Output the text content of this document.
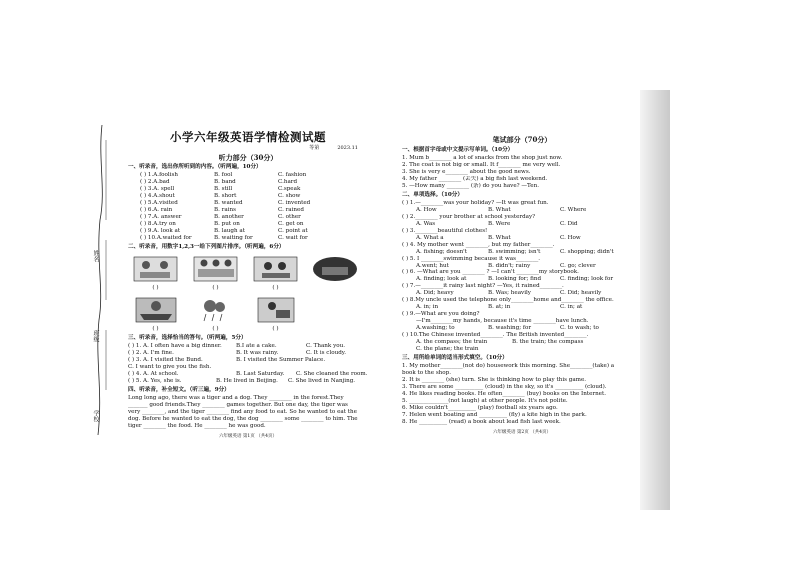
姓名
班级
学校
小学六年级英语学情检测试题
等第	2023.11
听力部分（30分）
一、听录音，选出你所听到的内容。（听两遍，10分）
( ) 1.A.foolish	B. fool	C. fashion
( ) 2.A.bad	B. band	C.hard
( ) 3.A. spell	B. still	C.speak
( ) 4.A.shout	B. short	C. show
( ) 5.A.visited	B. wanted	C. invented
( ) 6.A. rain	B. rains	C. rained
( ) 7.A. answer	B. another	C. other
( ) 8.A.try on	B. put on	C. get on
( ) 9.A. look at	B. laugh at	C. point at
( ) 10.A.waited for	B. waiting for	C. wait for
二、听录音，用数字1,2,3一给下列图片排序。（听两遍，6分）
( )	( )	( )
( )	( )	( )
三、听录音，选择恰当的答句。（听两遍，5分）
( ) 1. A. I often have a big dinner.	B.I ate a cake.	C. Thank you.
( ) 2. A. I'm fine.	B. It was rainy.	C. It is cloudy.
( ) 3. A. I visited the Bund.	B. I visited the Summer Palace.
C. I want to give you the fish.
( ) 4. A. At school.	B. Last Saturday.	C. She cleaned the room.
( ) 5. A. Yes, she is.	B. He lived in Beijing.	C. She lived in Nanjing.
四、听录音，补全短文。（听三遍，9分）
Long long ago, there was a tiger and a dog. They ________ in the forest.They
_______ good friends.They ________ games together. But one day, the tiger was
very ________, and the tiger ________ find any food to eat. So he wanted to eat the
dog. Before he wanted to eat the dog, the dog ________ some ________ to him. The
tiger ________ the food. He ________ he was good.
六年级英语 第1页 （共4页）
笔试部分（70分）
一、根据首字母或中文提示写单词。（10分）
1. Mum b________ a lot of snacks from the shop just now.
2. The coat is not big or small. It f________ me very well.
3. She is very e________ about the good news.
4. My father ________ (丢失) a big fish last weekend.
5. —How many ________ (条) do you have? —Ten.
二、单项选择。（10分）
( ) 1.—________was your holiday? —It was great fun.
A. How	B. What	C. Where
( ) 2.________ your brother at school yesterday?
A. Was	B. Were	C. Did
( ) 3.________beautiful clothes!
A. What a	B. What	C. How
( ) 4. My mother went ________, but my father________.
A. fishing; doesn't	B. swimming; isn't	C. shopping; didn't
( ) 5. I ________swimming because it was________.
A.went; hut	B. didn't; rainy	C. go; clever
( ) 6. —What are you ________ ? —I can't ________my storybook.
A. finding; look at	B. looking for; find	C. finding; look for
( ) 7.—________it rainy last night? —Yes, it rained________.
A. Did; heavy	B. Was; heavily	C. Did; heavily
( ) 8.My uncle used the telephone only________home and________ the office.
A. in; in	B. at; in	C. in; at
( ) 9.—What are you doing?
—I'm________my hands, because it's time ________have lunch.
A.washing; to	B. washing; for	C. to wash; to
( ) 10.The Chinese invented________. The British invented________.
A. the compass; the train	B. the train; the compass
C. the plane; the train
三、用所给单词的适当形式填空。（10分）
1. My mother________(not do) housework this morning. She________(take) a
book to the shop.
2. It is ________ (she) turn. She is thinking how to play this game.
3. There are some __________ (cloud) in the sky, so it's __________ (cloud).
4. He likes reading books. He often________ (buy) books on the Internet.
5. ______________(not laugh) at other people. It's not polite.
6. Mike couldn't__________ (play) football six years ago.
7. Helen went boating and __________ (fly) a kite high in the park.
8. He __________ (read) a book about lead fish last week.
六年级英语 第2页 （共4页）
